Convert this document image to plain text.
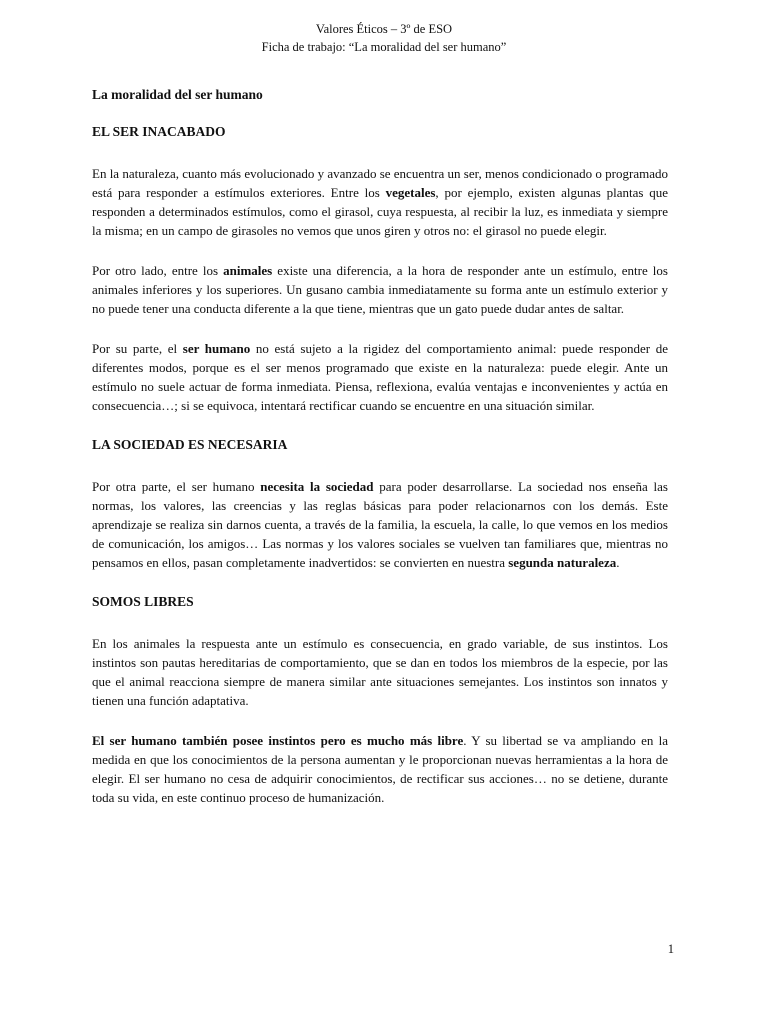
Valores Éticos – 3º de ESO
Ficha de trabajo: “La moralidad del ser humano”
La moralidad del ser humano
EL SER INACABADO

En la naturaleza, cuanto más evolucionado y avanzado se encuentra un ser, menos condicionado o programado está para responder a estímulos exteriores. Entre los vegetales, por ejemplo, existen algunas plantas que responden a determinados estímulos, como el girasol, cuya respuesta, al recibir la luz, es inmediata y siempre la misma; en un campo de girasoles no vemos que unos giren y otros no: el girasol no puede elegir.

Por otro lado, entre los animales existe una diferencia, a la hora de responder ante un estímulo, entre los animales inferiores y los superiores. Un gusano cambia inmediatamente su forma ante un estímulo exterior y no puede tener una conducta diferente a la que tiene, mientras que un gato puede dudar antes de saltar.

Por su parte, el ser humano no está sujeto a la rigidez del comportamiento animal: puede responder de diferentes modos, porque es el ser menos programado que existe en la naturaleza: puede elegir. Ante un estímulo no suele actuar de forma inmediata. Piensa, reflexiona, evalúa ventajas e inconvenientes y actúa en consecuencia…; si se equivoca, intentará rectificar cuando se encuentre en una situación similar.

LA SOCIEDAD ES NECESARIA

Por otra parte, el ser humano necesita la sociedad para poder desarrollarse. La sociedad nos enseña las normas, los valores, las creencias y las reglas básicas para poder relacionarnos con los demás. Este aprendizaje se realiza sin darnos cuenta, a través de la familia, la escuela, la calle, lo que vemos en los medios de comunicación, los amigos… Las normas y los valores sociales se vuelven tan familiares que, mientras no pensamos en ellos, pasan completamente inadvertidos: se convierten en nuestra segunda naturaleza.

SOMOS LIBRES

En los animales la respuesta ante un estímulo es consecuencia, en grado variable, de sus instintos. Los instintos son pautas hereditarias de comportamiento, que se dan en todos los miembros de la especie, por las que el animal reacciona siempre de manera similar ante situaciones semejantes. Los instintos son innatos y tienen una función adaptativa.

El ser humano también posee instintos pero es mucho más libre. Y su libertad se va ampliando en la medida en que los conocimientos de la persona aumentan y le proporcionan nuevas herramientas a la hora de elegir. El ser humano no cesa de adquirir conocimientos, de rectificar sus acciones… no se detiene, durante toda su vida, en este continuo proceso de humanización.

1
